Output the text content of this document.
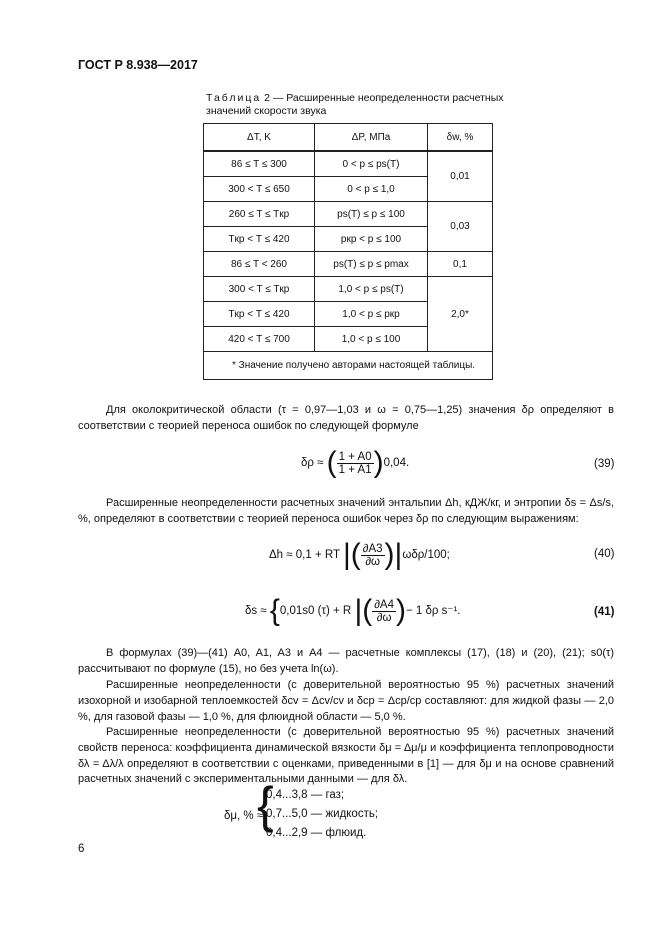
ГОСТ Р 8.938—2017
Таблица 2 — Расширенные неопределенности расчетных
значений скорости звука
ΔT, K	ΔP, МПа	δw, %
86 ≤ T ≤ 300	0 < p ≤ ps(T)	0,01
300 < T ≤ 650	0 < p ≤ 1,0	
260 ≤ T ≤ Tкр	ps(T) ≤ p ≤ 100	0,03
Tкр < T ≤ 420	pкр < p ≤ 100	
86 ≤ T < 260	ps(T) ≤ p ≤ pmax	0,1
300 < T ≤ Tкр	1,0 < p ≤ ps(T)	2,0*
Tкр < T ≤ 420	1,0 < p ≤ pкр	
420 < T ≤ 700	1,0 < p ≤ 100	
* Значение получено авторами настоящей таблицы.		
Для околокритической области (τ = 0,97—1,03 и ω = 0,75—1,25) значения δρ определяют в соответствии с теорией переноса ошибок по следующей формуле
δρ ≈ ( $\frac{1 + A0}{1 + A1} )0,04$.	(39)
Расширенные неопределенности расчетных значений энтальпии Δh, кДЖ/кг, и энтропии δs = Δs/s, %, определяют в соответствии с теорией переноса ошибок через δρ по следующим выражениям:
Δh ≈ 0,1 + RT |( $\frac{\partial A3}{\partial\omega} )|\omega\delta\rho/100$;	(40)
δs ≈ {0,01s0 (τ) + R |( $\frac{\partial A4}{\partial\omega}$ )− 1 δρ s⁻¹.	(41)
В формулах (39)—(41) A0, A1, A3 и A4 — расчетные комплексы (17), (18) и (20), (21); s0(τ) рассчитывают по формуле (15), но без учета ln(ω).
Расширенные неопределенности (с доверительной вероятностью 95 %) расчетных значений изохорной и изобарной теплоемкостей δcv = Δcv/cv и δcp = Δcp/cp составляют: для жидкой фазы — 2,0 %, для газовой фазы — 1,0 %, для флюидной области — 5,0 %.
Расширенные неопределенности (с доверительной вероятностью 95 %) расчетных значений свойств переноса: коэффициента динамической вязкости δμ = Δμ/μ и коэффициента теплопроводности δλ = Δλ/λ определяют в соответствии с оценками, приведенными в [1] — для δμ и на основе сравнений расчетных значений с экспериментальными данными — для δλ.
δμ, % ≈
{
0,4...3,8 — газ;
0,7...5,0 — жидкость;
0,4...2,9 — флюид.
6
